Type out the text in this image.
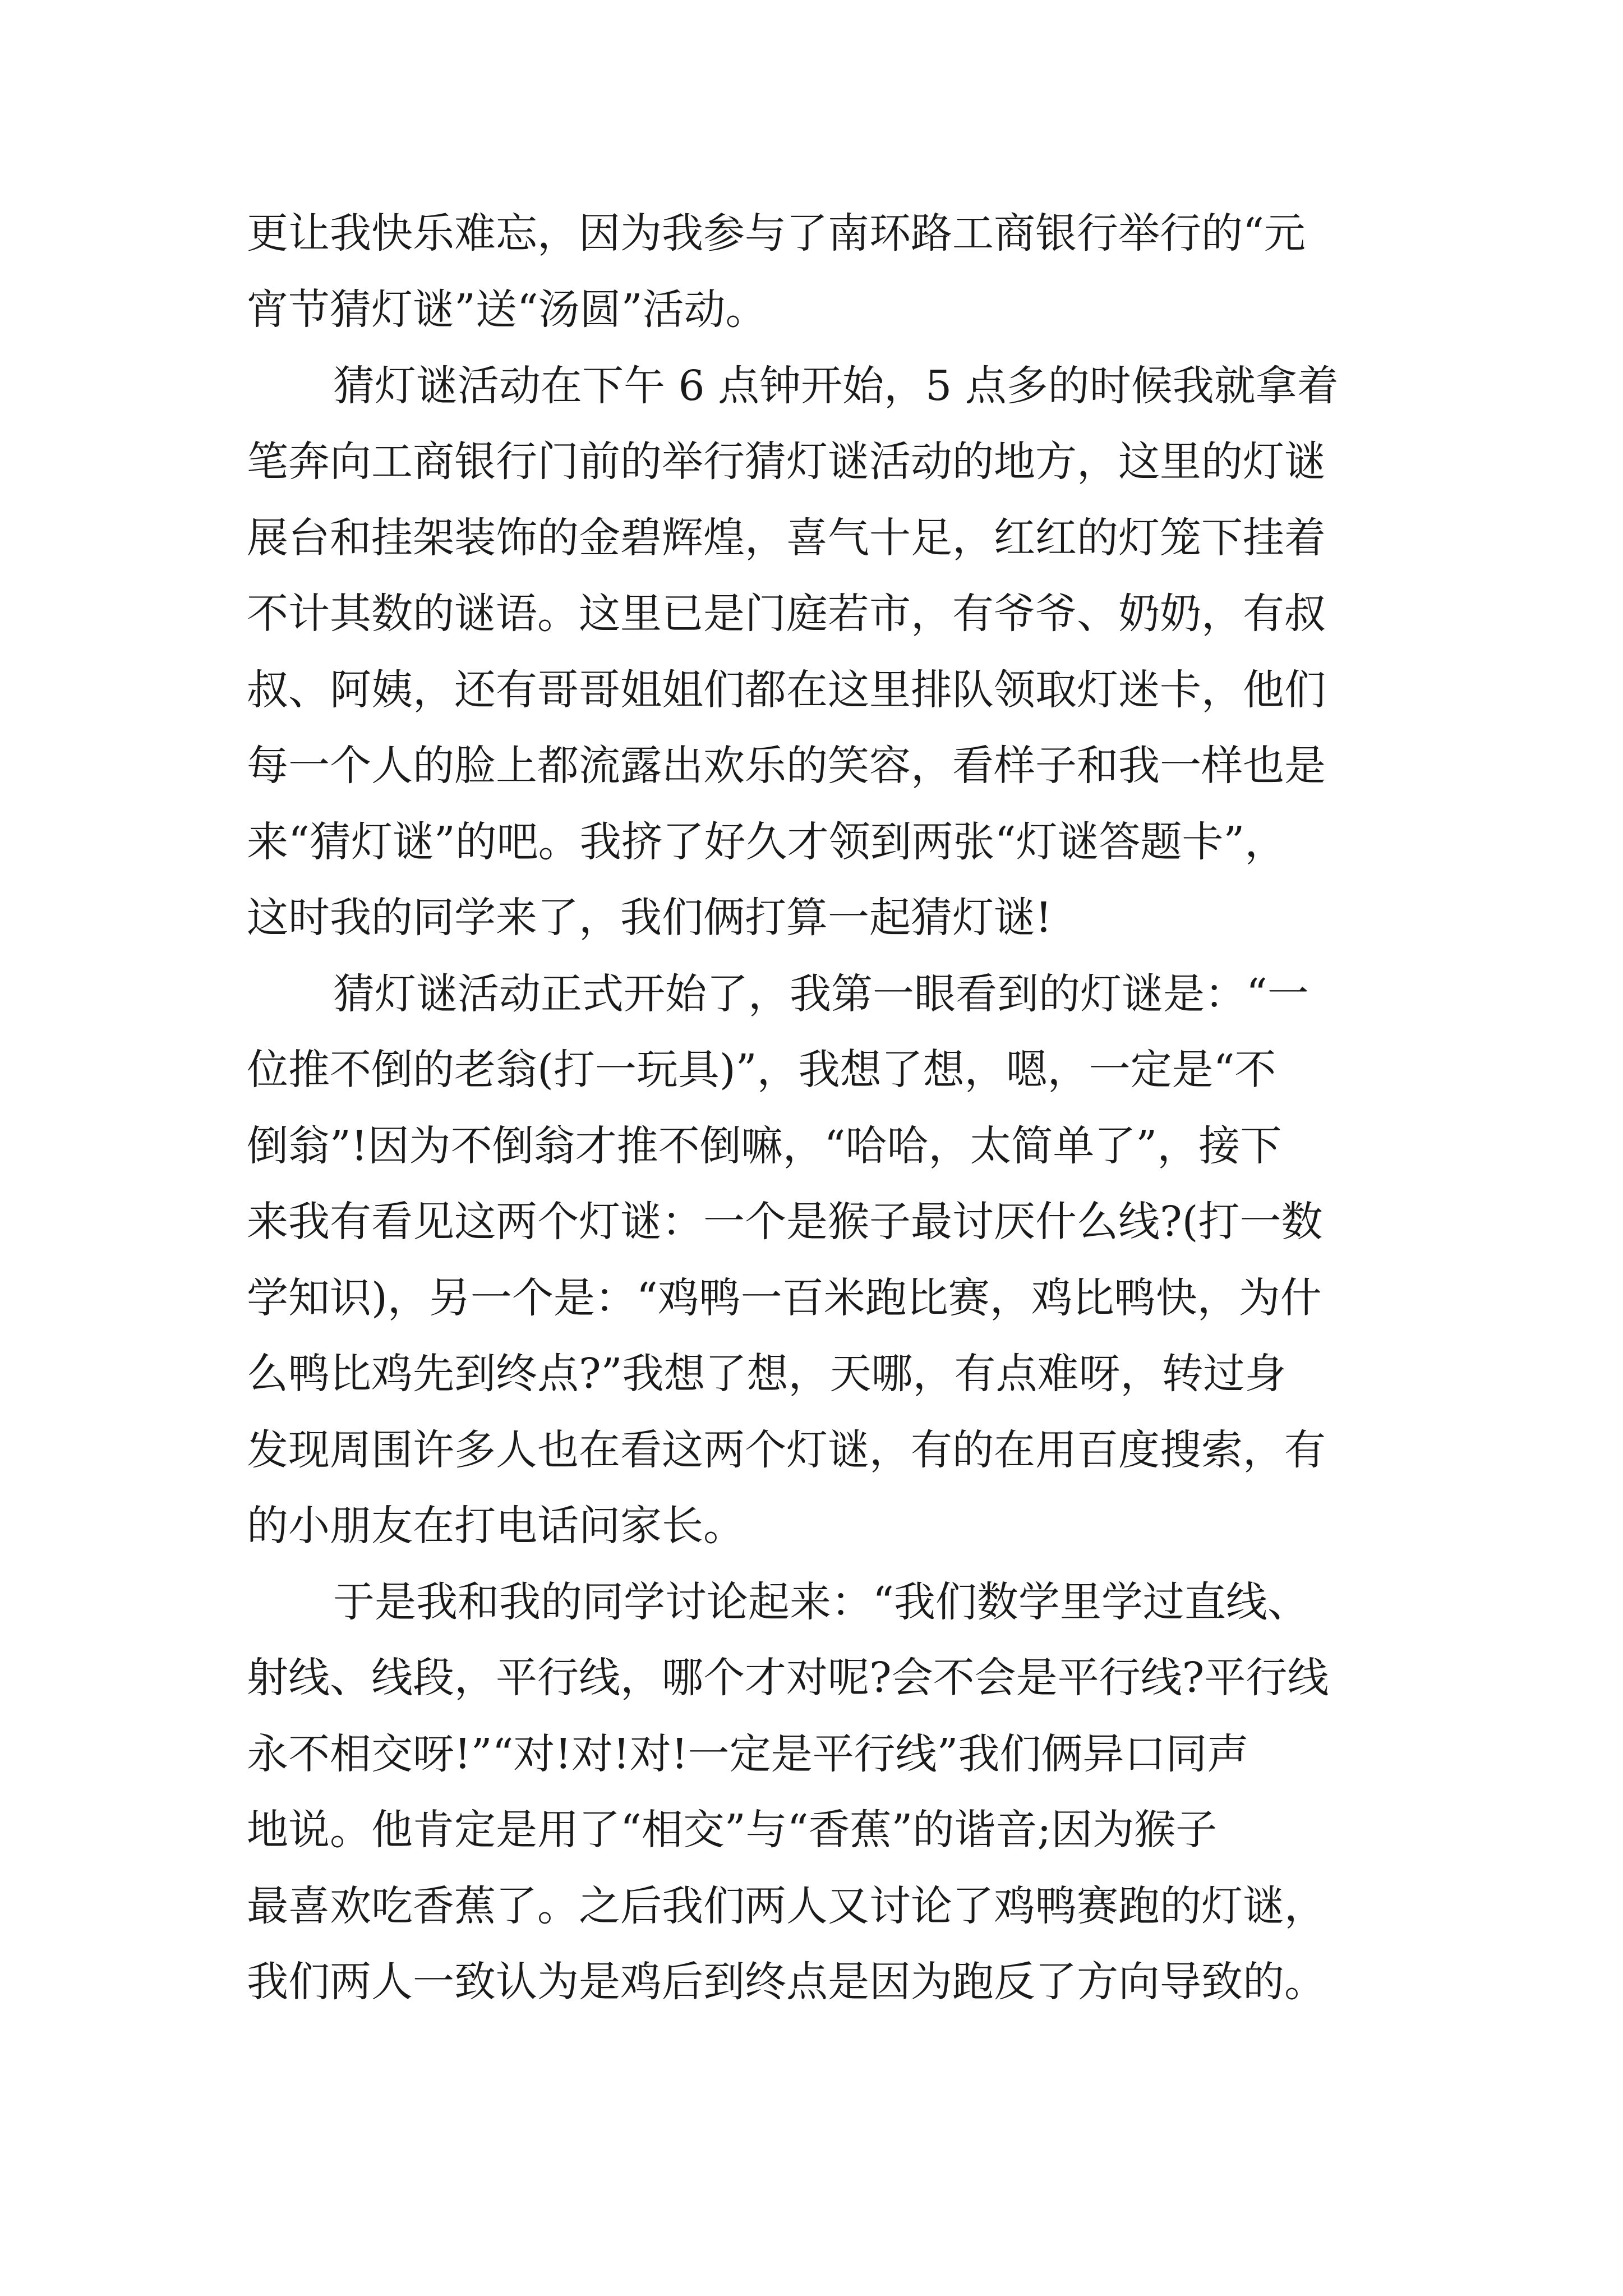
更让我快乐难忘，因为我参与了南环路工商银行举行的“元

宵节猜灯谜”送“汤圆”活动。

猜灯谜活动在下午 6 点钟开始，5 点多的时候我就拿着

笔奔向工商银行门前的举行猜灯谜活动的地方，这里的灯谜

展台和挂架装饰的金碧辉煌，喜气十足，红红的灯笼下挂着

不计其数的谜语。这里已是门庭若市，有爷爷、奶奶，有叔

叔、阿姨，还有哥哥姐姐们都在这里排队领取灯迷卡，他们

每一个人的脸上都流露出欢乐的笑容，看样子和我一样也是

来“猜灯谜”的吧。我挤了好久才领到两张“灯谜答题卡”，

这时我的同学来了，我们俩打算一起猜灯谜!

猜灯谜活动正式开始了，我第一眼看到的灯谜是：“一

位推不倒的老翁(打一玩具)”，我想了想，嗯，一定是“不

倒翁”!因为不倒翁才推不倒嘛，“哈哈，太简单了”，接下

来我有看见这两个灯谜：一个是猴子最讨厌什么线?(打一数

学知识)，另一个是：“鸡鸭一百米跑比赛，鸡比鸭快，为什

么鸭比鸡先到终点?”我想了想，天哪，有点难呀，转过身

发现周围许多人也在看这两个灯谜，有的在用百度搜索，有

的小朋友在打电话问家长。

于是我和我的同学讨论起来：“我们数学里学过直线、

射线、线段，平行线，哪个才对呢?会不会是平行线?平行线

永不相交呀!”“对!对!对!一定是平行线”我们俩异口同声

地说。他肯定是用了“相交”与“香蕉”的谐音;因为猴子

最喜欢吃香蕉了。之后我们两人又讨论了鸡鸭赛跑的灯谜，

我们两人一致认为是鸡后到终点是因为跑反了方向导致的。
